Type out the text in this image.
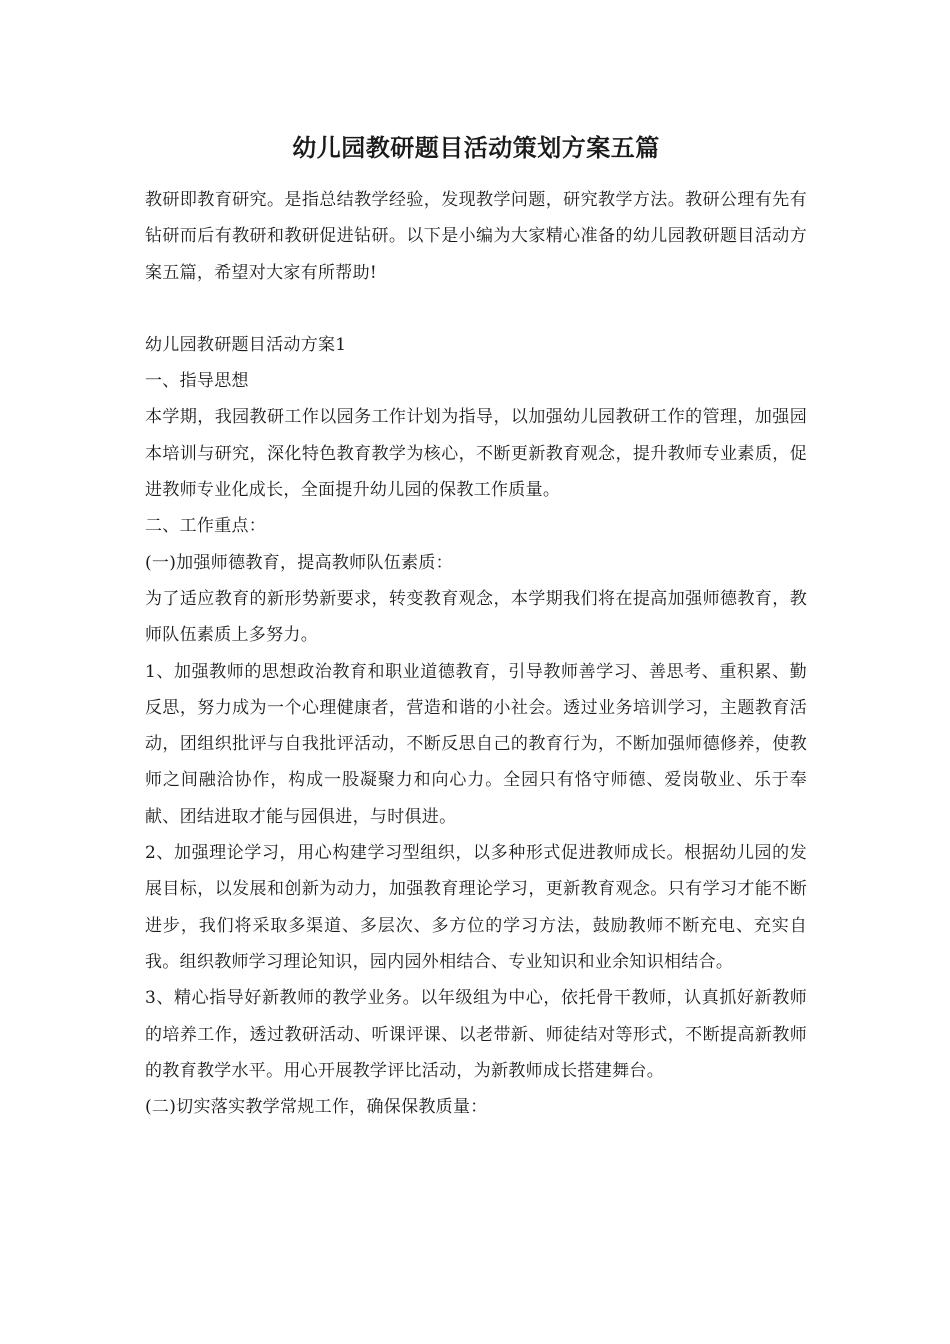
幼儿园教研题目活动策划方案五篇

教研即教育研究。是指总结教学经验，发现教学问题，研究教学方法。教研公理有先有钻研而后有教研和教研促进钻研。以下是小编为大家精心准备的幼儿园教研题目活动方案五篇，希望对大家有所帮助!

幼儿园教研题目活动方案1

一、指导思想

本学期，我园教研工作以园务工作计划为指导，以加强幼儿园教研工作的管理，加强园本培训与研究，深化特色教育教学为核心，不断更新教育观念，提升教师专业素质，促进教师专业化成长，全面提升幼儿园的保教工作质量。

二、工作重点：

(一)加强师德教育，提高教师队伍素质：

为了适应教育的新形势新要求，转变教育观念，本学期我们将在提高加强师德教育，教师队伍素质上多努力。

1、加强教师的思想政治教育和职业道德教育，引导教师善学习、善思考、重积累、勤反思，努力成为一个心理健康者，营造和谐的小社会。透过业务培训学习，主题教育活动，团组织批评与自我批评活动，不断反思自己的教育行为，不断加强师德修养，使教师之间融洽协作，构成一股凝聚力和向心力。全园只有恪守师德、爱岗敬业、乐于奉献、团结进取才能与园俱进，与时俱进。

2、加强理论学习，用心构建学习型组织，以多种形式促进教师成长。根据幼儿园的发展目标，以发展和创新为动力，加强教育理论学习，更新教育观念。只有学习才能不断进步，我们将采取多渠道、多层次、多方位的学习方法，鼓励教师不断充电、充实自我。组织教师学习理论知识，园内园外相结合、专业知识和业余知识相结合。

3、精心指导好新教师的教学业务。以年级组为中心，依托骨干教师，认真抓好新教师的培养工作，透过教研活动、听课评课、以老带新、师徒结对等形式，不断提高新教师的教育教学水平。用心开展教学评比活动，为新教师成长搭建舞台。

(二)切实落实教学常规工作，确保保教质量：
